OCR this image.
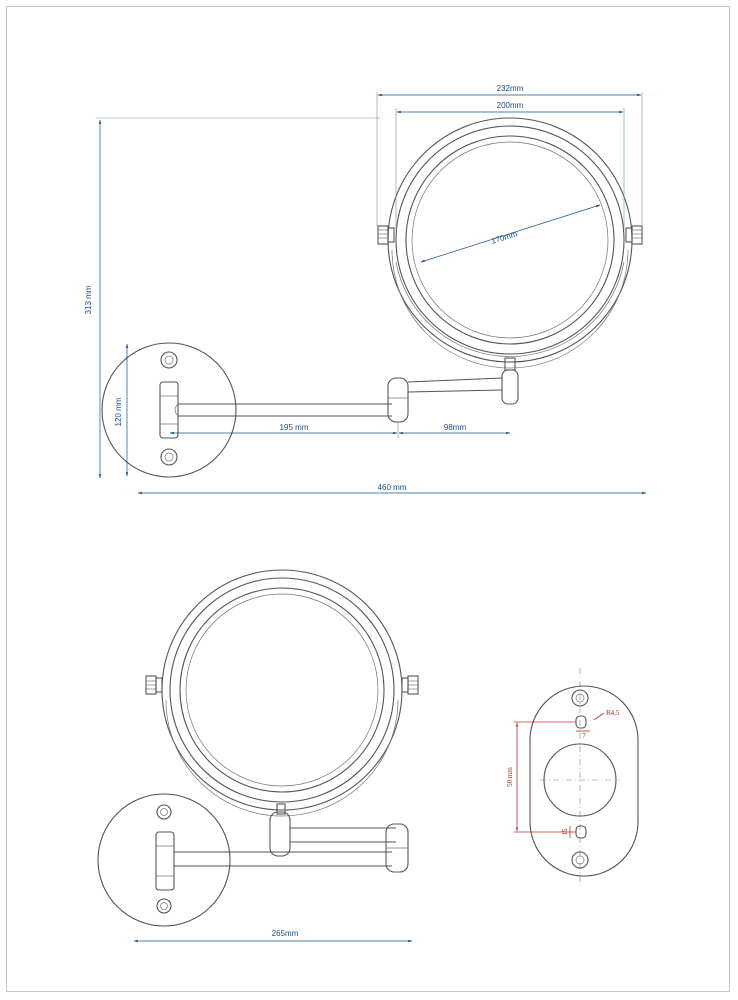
232mm
200mm
170mm
313 mm
120 mm
195 mm	98mm
460 mm
265mm
50 mm
R4,5
7
15
